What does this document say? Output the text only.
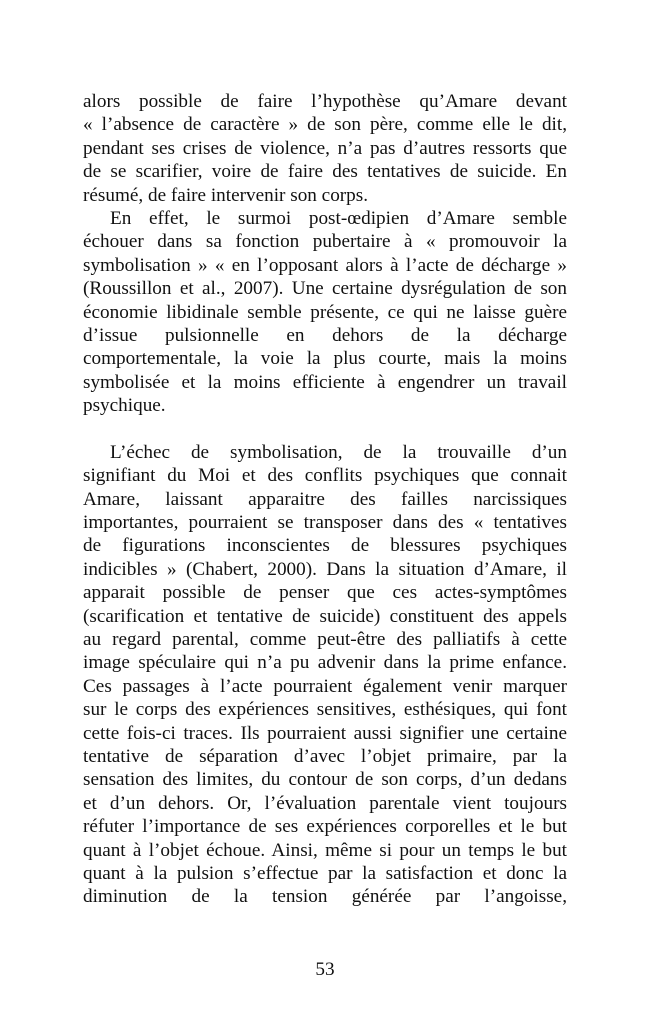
alors possible de faire l’hypothèse qu’Amare devant
« l’absence de caractère » de son père, comme elle le dit,
pendant ses crises de violence, n’a pas d’autres ressorts que
de se scarifier, voire de faire des tentatives de suicide. En
résumé, de faire intervenir son corps.
En effet, le surmoi post-œdipien d’Amare semble
échouer dans sa fonction pubertaire à « promouvoir la
symbolisation » « en l’opposant alors à l’acte de décharge »
(Roussillon et al., 2007). Une certaine dysrégulation de son
économie libidinale semble présente, ce qui ne laisse guère
d’issue pulsionnelle en dehors de la décharge
comportementale, la voie la plus courte, mais la moins
symbolisée et la moins efficiente à engendrer un travail
psychique.
L’échec de symbolisation, de la trouvaille d’un
signifiant du Moi et des conflits psychiques que connait
Amare, laissant apparaitre des failles narcissiques
importantes, pourraient se transposer dans des « tentatives
de figurations inconscientes de blessures psychiques
indicibles » (Chabert, 2000). Dans la situation d’Amare, il
apparait possible de penser que ces actes-symptômes
(scarification et tentative de suicide) constituent des appels
au regard parental, comme peut-être des palliatifs à cette
image spéculaire qui n’a pu advenir dans la prime enfance.
Ces passages à l’acte pourraient également venir marquer
sur le corps des expériences sensitives, esthésiques, qui font
cette fois-ci traces. Ils pourraient aussi signifier une certaine
tentative de séparation d’avec l’objet primaire, par la
sensation des limites, du contour de son corps, d’un dedans
et d’un dehors. Or, l’évaluation parentale vient toujours
réfuter l’importance de ses expériences corporelles et le but
quant à l’objet échoue. Ainsi, même si pour un temps le but
quant à la pulsion s’effectue par la satisfaction et donc la
diminution de la tension générée par l’angoisse,
53
